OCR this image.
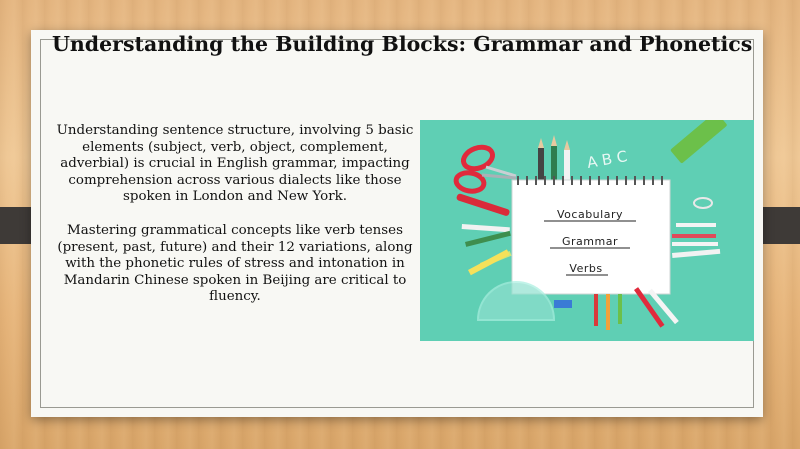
Understanding the Building Blocks: Grammar and Phonetics

Understanding sentence structure, involving 5 basic elements (subject, verb, object, complement, adverbial) is crucial in English grammar, impacting comprehension across various dialects like those spoken in London and New York.

Mastering grammatical concepts like verb tenses (present, past, future) and their 12 variations, along with the phonetic rules of stress and intonation in Mandarin Chinese spoken in Beijing are critical to fluency.

A B C
Vocabulary
Grammar
Verbs
